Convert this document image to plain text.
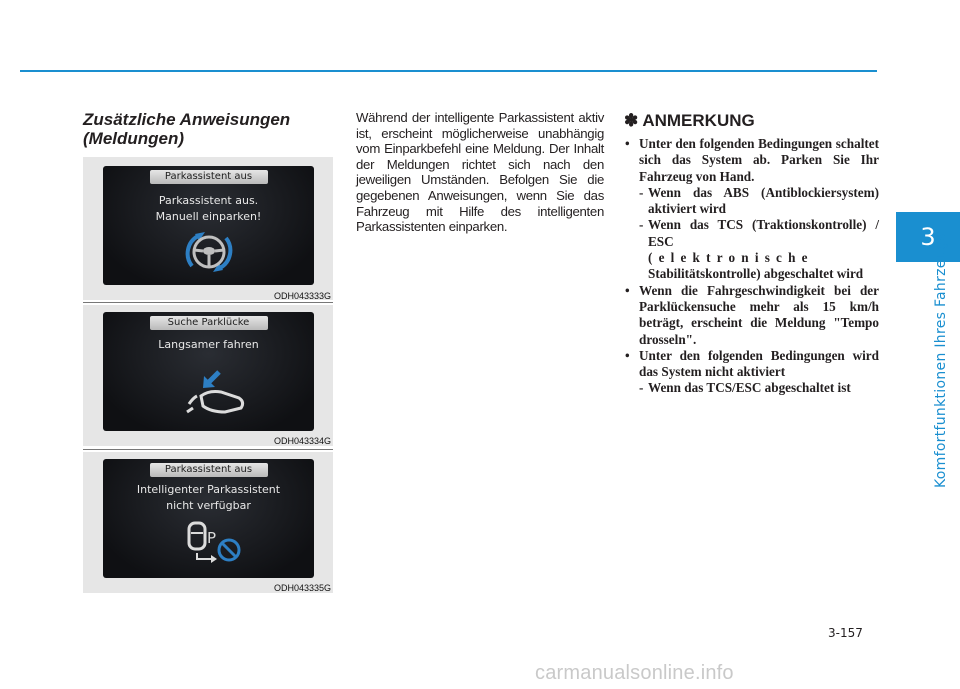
3
Komfortfunktionen Ihres Fahrzeugs
Zusätzliche Anweisungen (Meldungen)
Parkassistent aus
Parkassistent aus.
Manuell einparken!
ODH043333G
Suche Parklücke
Langsamer fahren
ODH043334G
Parkassistent aus
Intelligenter Parkassistent
nicht verfügbar
P
ODH043335G
Während der intelligente Parkassistent aktiv ist, erscheint möglicherweise unabhängig vom Einparkbefehl eine Meldung. Der Inhalt der Meldungen richtet sich nach den jeweiligen Umständen. Befolgen Sie die gegebenen Anweisungen, wenn Sie das Fahrzeug mit Hilfe des intelligenten Parkassistenten einparken.
✽ ANMERKUNG
• Unter den folgenden Bedingungen schaltet sich das System ab. Parken Sie Ihr Fahrzeug von Hand.
- Wenn das ABS (Antiblockiersystem) aktiviert wird
- Wenn das TCS (Traktionskontrolle) / ESC
(elektronische
Stabilitätskontrolle) abgeschaltet wird
• Wenn die Fahrgeschwindigkeit bei der Parklückensuche mehr als 15 km/h beträgt, erscheint die Meldung "Tempo drosseln".
• Unter den folgenden Bedingungen wird das System nicht aktiviert
- Wenn das TCS/ESC abgeschaltet ist
3-157
carmanualsonline.info
